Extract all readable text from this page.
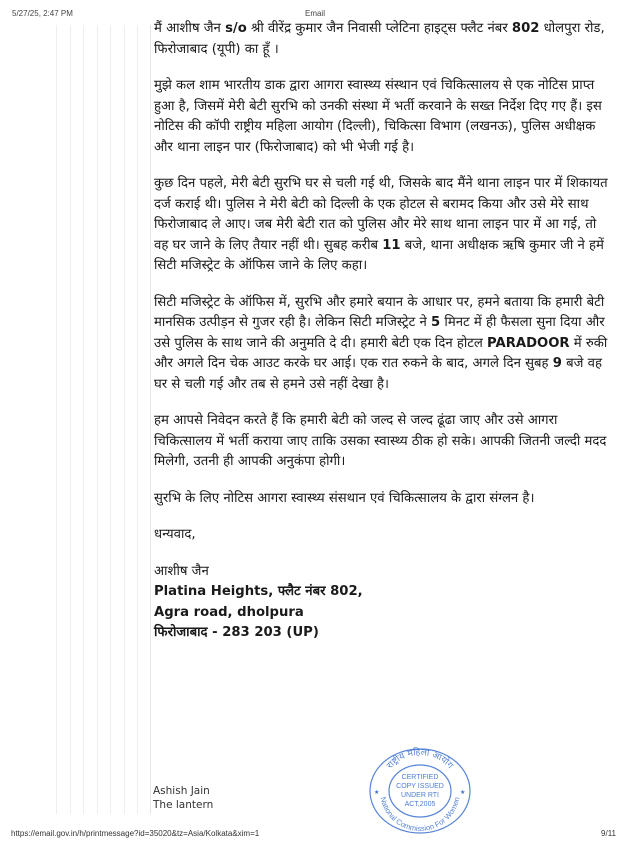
5/27/25, 2:47 PM	Email

मैं आशीष जैन s/o श्री वीरेंद्र कुमार जैन निवासी प्लेटिना हाइट्स फ्लैट नंबर 802 धोलपुरा रोड, फिरोजाबाद (यूपी) का हूँ ।

मुझे कल शाम भारतीय डाक द्वारा आगरा स्वास्थ्य संस्थान एवं चिकित्सालय से एक नोटिस प्राप्त हुआ है, जिसमें मेरी बेटी सुरभि को उनकी संस्था में भर्ती करवाने के सख्त निर्देश दिए गए हैं। इस नोटिस की कॉपी राष्ट्रीय महिला आयोग (दिल्ली), चिकित्सा विभाग (लखनऊ), पुलिस अधीक्षक और थाना लाइन पार (फिरोजाबाद) को भी भेजी गई है।

कुछ दिन पहले, मेरी बेटी सुरभि घर से चली गई थी, जिसके बाद मैंने थाना लाइन पार में शिकायत दर्ज कराई थी। पुलिस ने मेरी बेटी को दिल्ली के एक होटल से बरामद किया और उसे मेरे साथ फिरोजाबाद ले आए। जब मेरी बेटी रात को पुलिस और मेरे साथ थाना लाइन पार में आ गई, तो वह घर जाने के लिए तैयार नहीं थी। सुबह करीब 11 बजे, थाना अधीक्षक ऋषि कुमार जी ने हमें सिटी मजिस्ट्रेट के ऑफिस जाने के लिए कहा।

सिटी मजिस्ट्रेट के ऑफिस में, सुरभि और हमारे बयान के आधार पर, हमने बताया कि हमारी बेटी मानसिक उत्पीड़न से गुजर रही है। लेकिन सिटी मजिस्ट्रेट ने 5 मिनट में ही फैसला सुना दिया और उसे पुलिस के साथ जाने की अनुमति दे दी। हमारी बेटी एक दिन होटल PARADOOR में रुकी और अगले दिन चेक आउट करके घर आई। एक रात रुकने के बाद, अगले दिन सुबह 9 बजे वह घर से चली गई और तब से हमने उसे नहीं देखा है।

हम आपसे निवेदन करते हैं कि हमारी बेटी को जल्द से जल्द ढूंढा जाए और उसे आगरा चिकित्सालय में भर्ती कराया जाए ताकि उसका स्वास्थ्य ठीक हो सके। आपकी जितनी जल्दी मदद मिलेगी, उतनी ही आपकी अनुकंपा होगी।

सुरभि के लिए नोटिस आगरा स्वास्थ्य संसथान एवं चिकित्सालय के द्वारा संग्लन है।

धन्यवाद,

आशीष जैन
Platina Heights, फ्लैट नंबर 802,
Agra road, dholpura
फिरोजाबाद - 283 203 (UP)
Ashish Jain
The lantern
राष्ट्रीय महिला आयोग
National Commission For Women
CERTIFIED
COPY ISSUED
UNDER RTI
ACT,2005
★	★
https://email.gov.in/h/printmessage?id=35020&tz=Asia/Kolkata&xim=1	9/11
